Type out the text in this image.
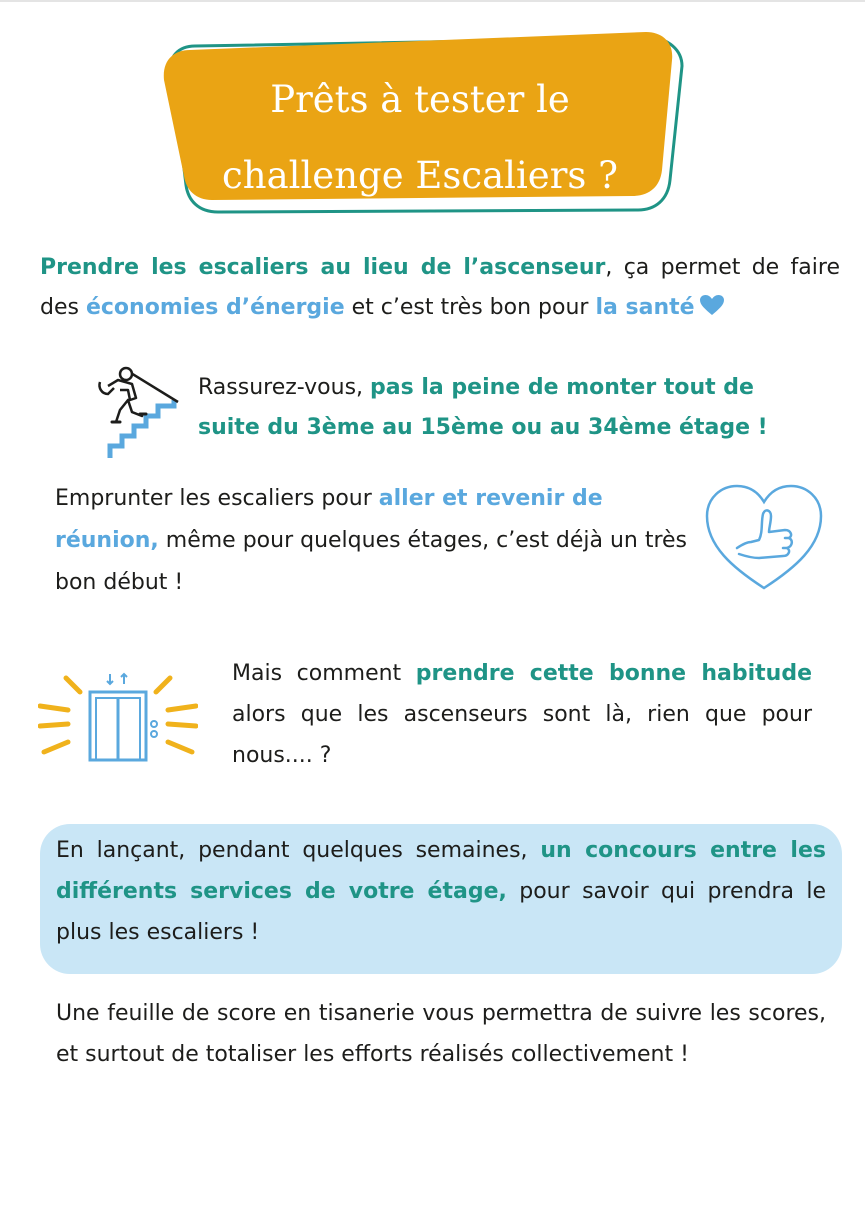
Prêts à tester le
challenge Escaliers ?

Prendre les escaliers au lieu de l’ascenseur, ça permet de faire des économies d’énergie et c’est très bon pour la santé

Rassurez-vous, pas la peine de monter tout de suite du 3ème au 15ème ou au 34ème étage !

Emprunter les escaliers pour aller et revenir de réunion, même pour quelques étages, c’est déjà un très bon début !

Mais comment prendre cette bonne habitude alors que les ascenseurs sont là, rien que pour nous.... ?

En lançant, pendant quelques semaines, un concours entre les différents services de votre étage, pour savoir qui prendra le plus les escaliers !

Une feuille de score en tisanerie vous permettra de suivre les scores, et surtout de totaliser les efforts réalisés collectivement !
